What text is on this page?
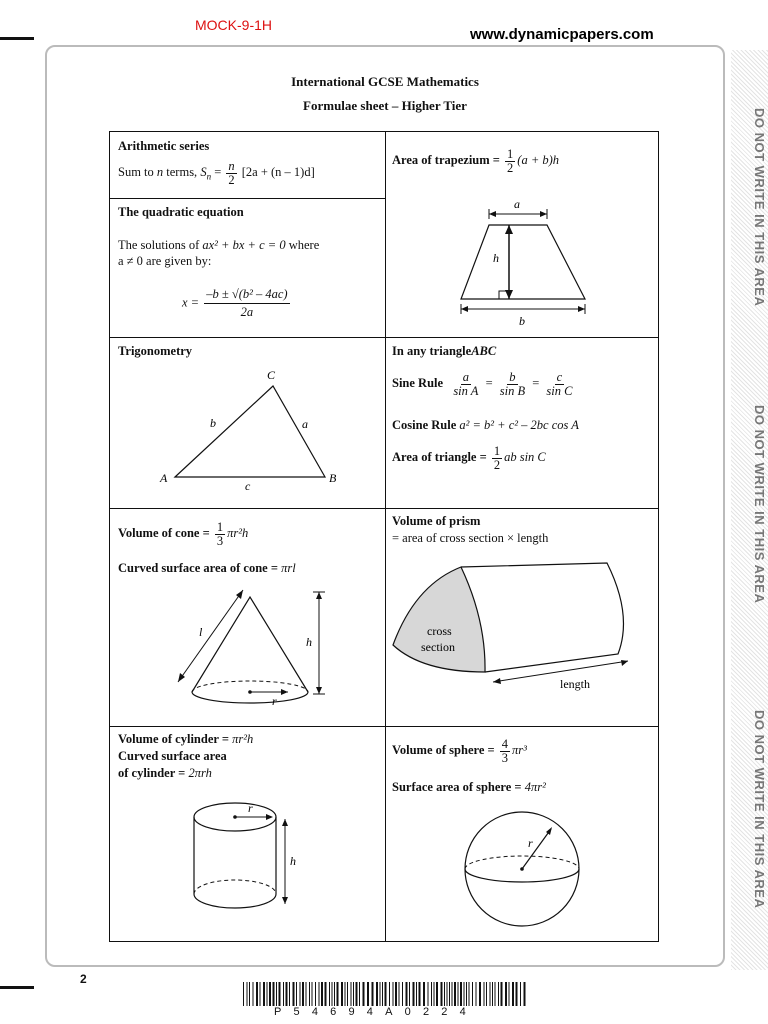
MOCK-9-1H
www.dynamicpapers.com
International GCSE Mathematics
Formulae sheet – Higher Tier
DO NOT WRITE IN THIS AREA
DO NOT WRITE IN THIS AREA
DO NOT WRITE IN THIS AREA
Arithmetic series
Sum to n terms, $S_n = \frac{n}{2} [2a + (n - 1)d]$
Area of trapezium = $\frac{1}{2} (a + b)h$
a
h
b
The quadratic equation
The solutions of ax² + bx + c = 0 where
a ≠ 0 are given by:
$x = \frac{\text{–b ± √(b² – 4ac)}}{2a}$
Trigonometry
C
A	B
b	a
c
In any triangleABC
Sine Rule $\frac{a}{\text{sin A}} = \frac{b}{\text{sin B}} = \frac{c}{\text{sin C}}$
Cosine Rule a² = b² + c² – 2bc cos A
Area of triangle = $\frac{1}{2}$ ab sin C
Volume of cone = $\frac{1}{3} \pi r^2h$
Curved surface area of cone = πrl
l
h
r
Volume of prism
= area of cross section × length
cross
section
length
Volume of cylinder = πr²h
Curved surface area
of cylinder = 2πrh
r
h
Volume of sphere = $\frac{4}{3} \pi r^3$
Surface area of sphere = 4πr²
r
2
P54694A0224
